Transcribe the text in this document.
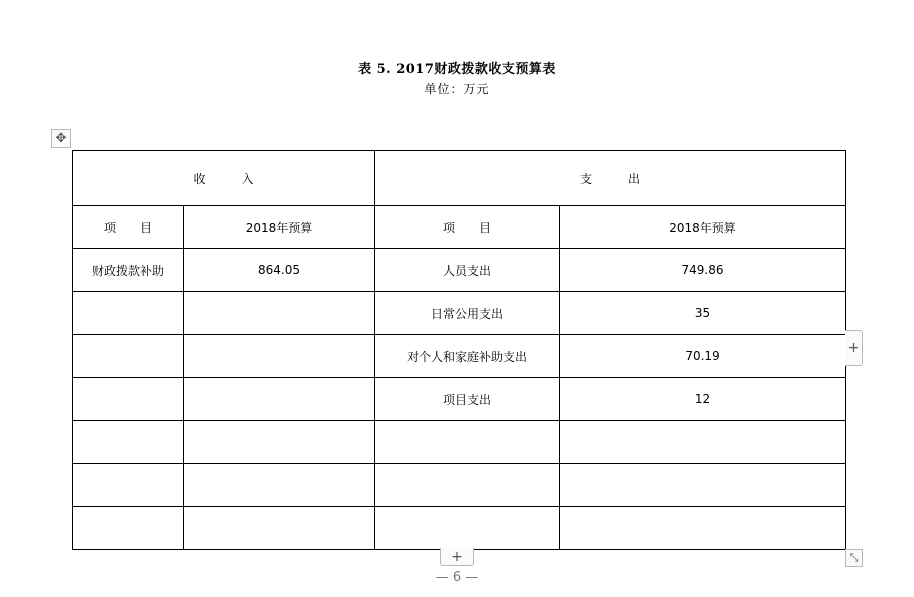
表 5. 2017财政拨款收支预算表
单位：万元
✥
收　　　入		支　　　出	
项　　目	2018年预算	项　　目	2018年预算
财政拨款补助	864.05	人员支出	749.86
		日常公用支出	35
		对个人和家庭补助支出	70.19
		项目支出	12

+
+	⤡
— 6 —
